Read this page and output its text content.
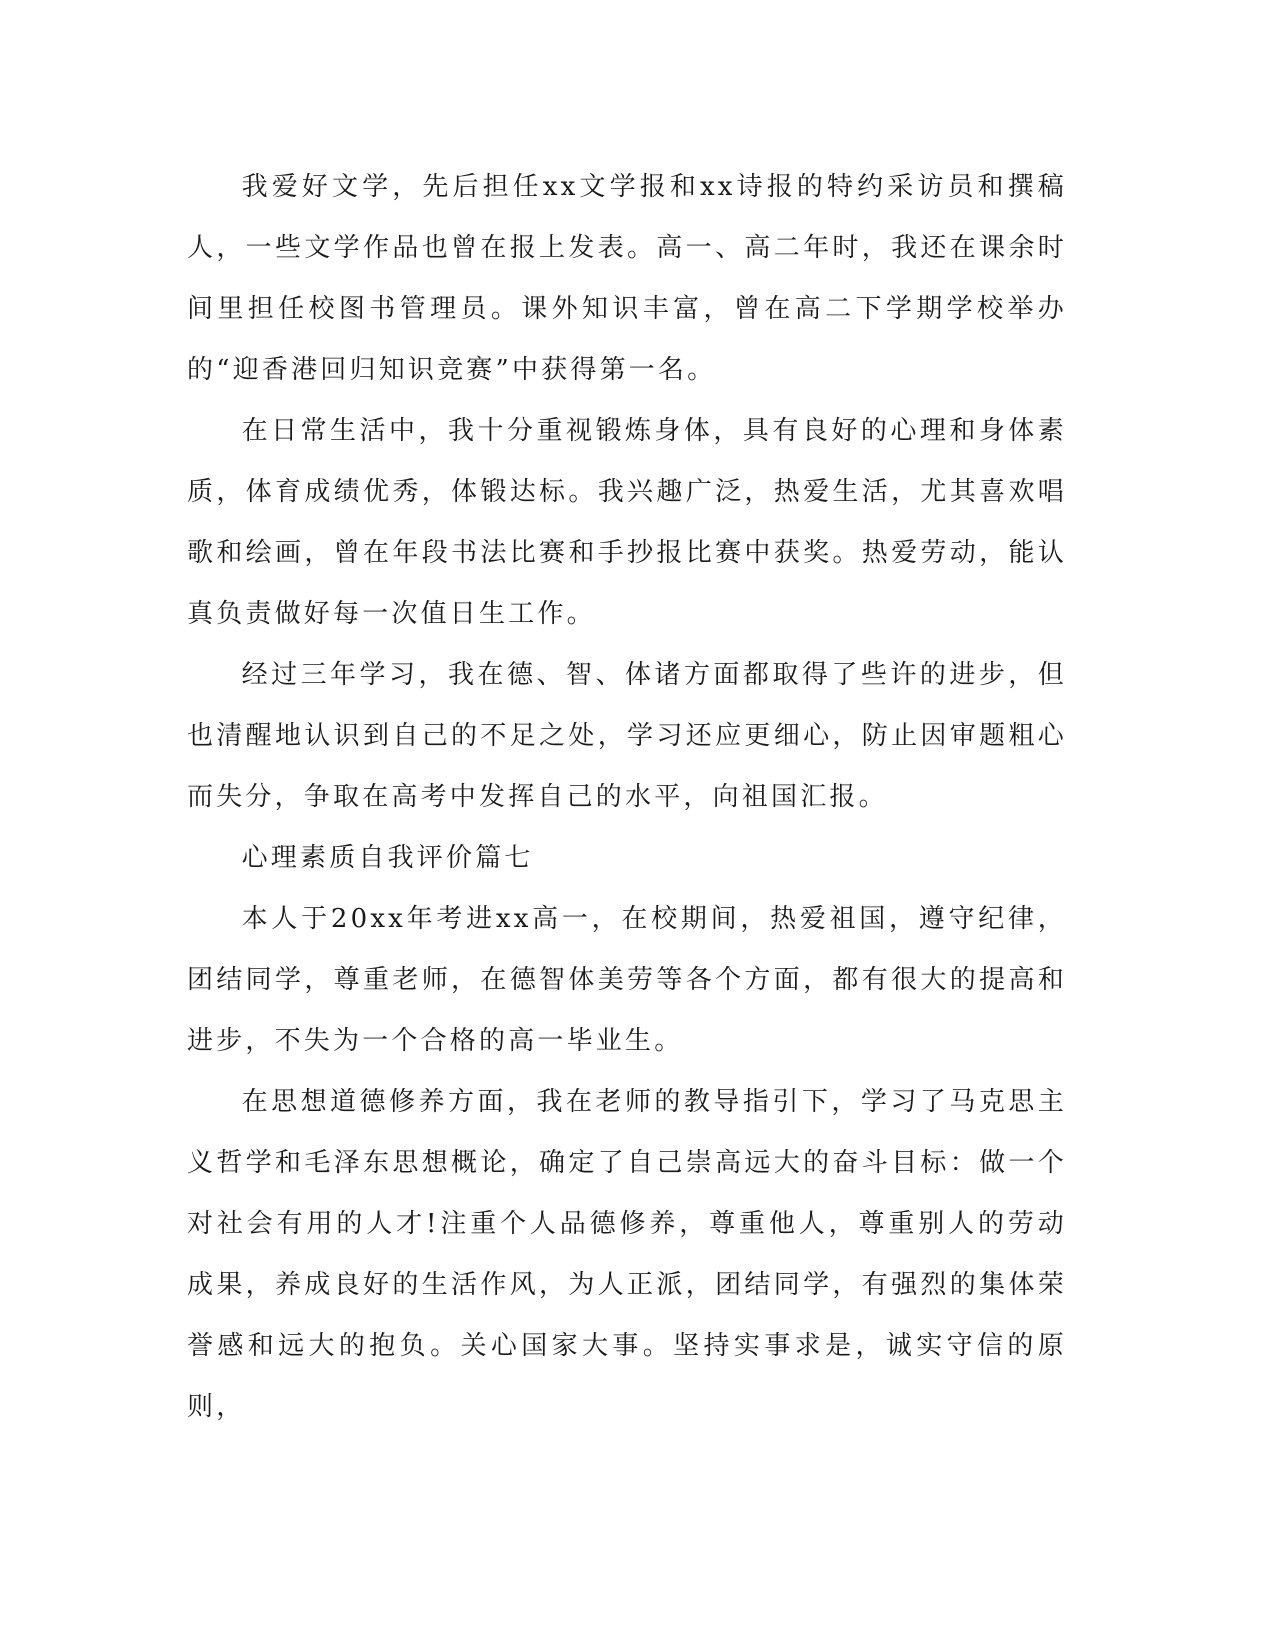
我爱好文学，先后担任xx文学报和xx诗报的特约采访员和撰稿人，一些文学作品也曾在报上发表。高一、高二年时，我还在课余时间里担任校图书管理员。课外知识丰富，曾在高二下学期学校举办的“迎香港回归知识竞赛”中获得第一名。

在日常生活中，我十分重视锻炼身体，具有良好的心理和身体素质，体育成绩优秀，体锻达标。我兴趣广泛，热爱生活，尤其喜欢唱歌和绘画，曾在年段书法比赛和手抄报比赛中获奖。热爱劳动，能认真负责做好每一次值日生工作。

经过三年学习，我在德、智、体诸方面都取得了些许的进步，但也清醒地认识到自己的不足之处，学习还应更细心，防止因审题粗心而失分，争取在高考中发挥自己的水平，向祖国汇报。

心理素质自我评价篇七

本人于20xx年考进xx高一，在校期间，热爱祖国，遵守纪律，团结同学，尊重老师，在德智体美劳等各个方面，都有很大的提高和进步，不失为一个合格的高一毕业生。

在思想道德修养方面，我在老师的教导指引下，学习了马克思主义哲学和毛泽东思想概论，确定了自己崇高远大的奋斗目标：做一个对社会有用的人才!注重个人品德修养，尊重他人，尊重别人的劳动成果，养成良好的生活作风，为人正派，团结同学，有强烈的集体荣誉感和远大的抱负。关心国家大事。坚持实事求是，诚实守信的原则，
